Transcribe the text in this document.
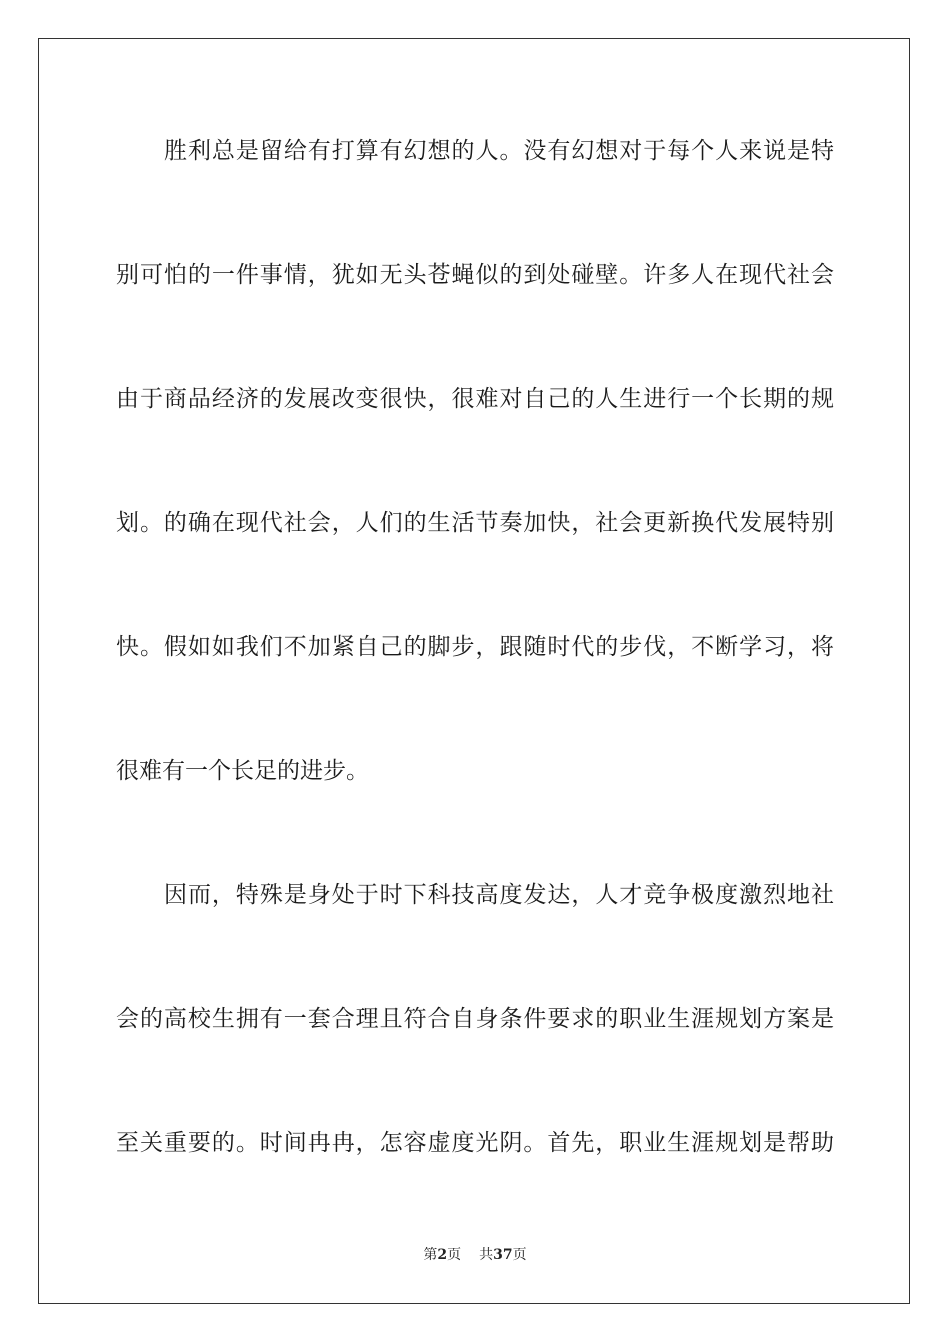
胜利总是留给有打算有幻想的人。没有幻想对于每个人来说是特
别可怕的一件事情，犹如无头苍蝇似的到处碰壁。许多人在现代社会
由于商品经济的发展改变很快，很难对自己的人生进行一个长期的规
划。的确在现代社会，人们的生活节奏加快，社会更新换代发展特别
快。假如如我们不加紧自己的脚步，跟随时代的步伐，不断学习，将
很难有一个长足的进步。
因而，特殊是身处于时下科技高度发达，人才竞争极度激烈地社
会的高校生拥有一套合理且符合自身条件要求的职业生涯规划方案是
至关重要的。时间冉冉，怎容虚度光阴。首先，职业生涯规划是帮助
第2页 共37页
